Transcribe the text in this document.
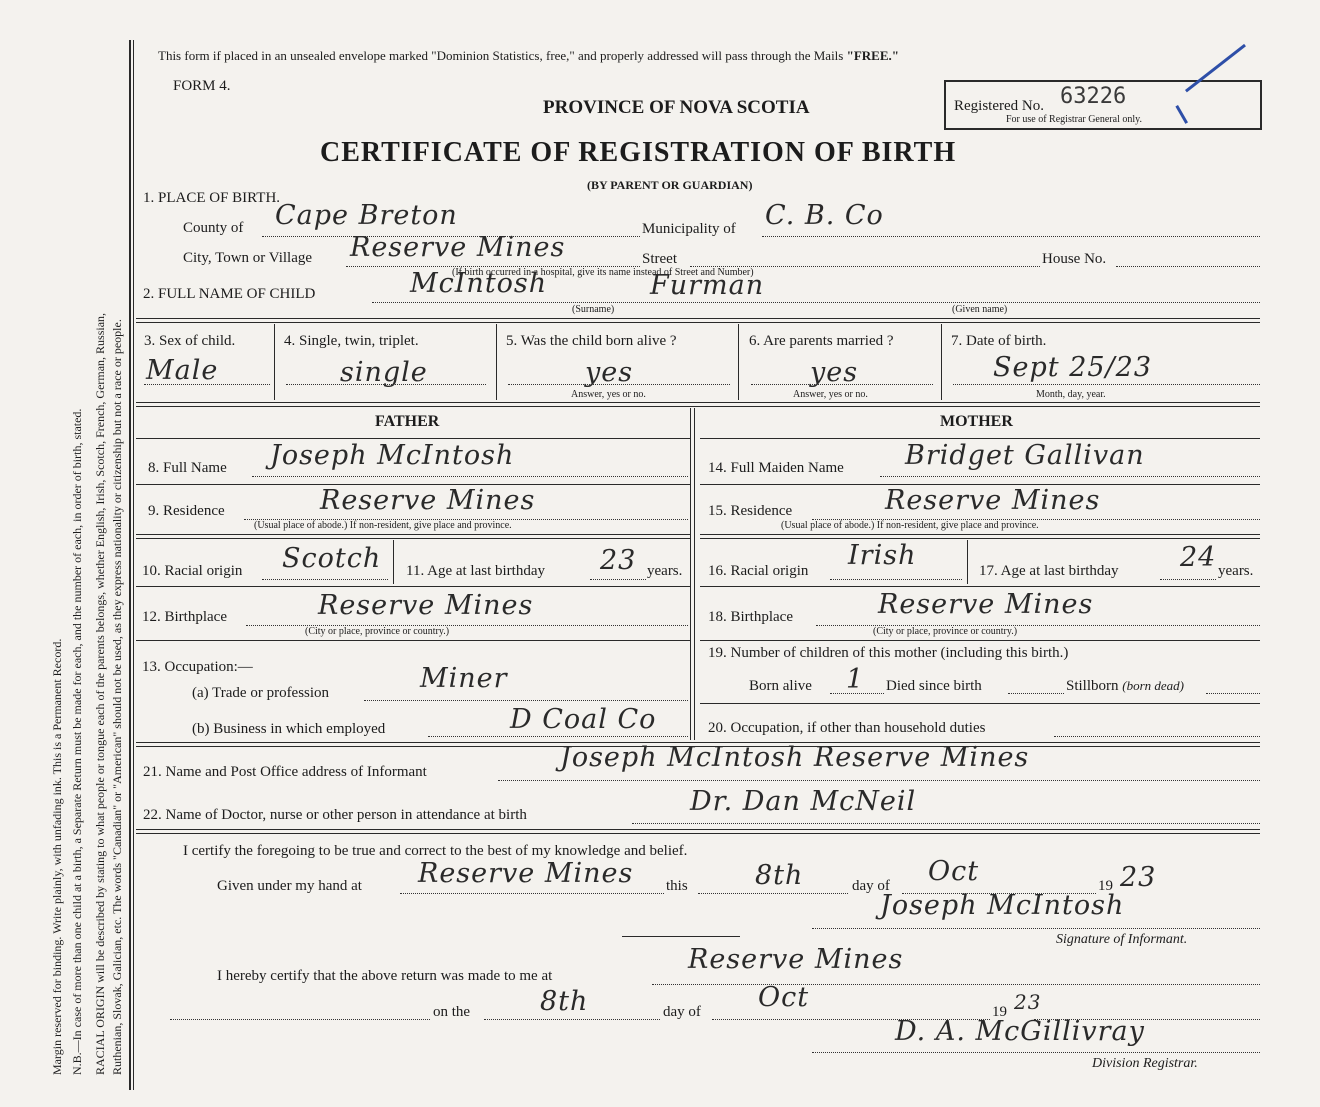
Margin reserved for binding. Write plainly, with unfading ink. This is a Permanent Record. N.B.—In case of more than one child at a birth, a Separate Return must be made for each, and the number of each, in order of birth, stated. RACIAL ORIGIN will be described by stating to what people or tongue each of the parents belongs, whether English, Irish, Scotch, French, German, Russian, Ruthenian, Slovak, Galician, etc. The words "Canadian" or "American" should not be used, as they express nationality or citizenship but not a race or people.
This form if placed in an unsealed envelope marked "Dominion Statistics, free," and properly addressed will pass through the Mails "FREE."
FORM 4.
PROVINCE OF NOVA SCOTIA
CERTIFICATE OF REGISTRATION OF BIRTH
(BY PARENT OR GUARDIAN)
Registered No. 63226
For use of Registrar General only.
1. PLACE OF BIRTH.
County of Cape Breton	Municipality of C. B. Co
City, Town or Village Reserve Mines	Street	House No.
(If birth occurred in a hospital, give its name instead of Street and Number)
2. FULL NAME OF CHILD	McIntosh	Furman
(Surname)	(Given name)
3. Sex of child.
Male
4. Single, twin, triplet.
single
5. Was the child born alive ?
yes
Answer, yes or no.
6. Are parents married ?
yes
Answer, yes or no.
7. Date of birth.
Sept 25/23
Month, day, year.
FATHER	MOTHER
8. Full Name Joseph McIntosh	14. Full Maiden Name Bridget Gallivan
9. Residence	Reserve Mines
(Usual place of abode.) If non-resident, give place and province.
15. Residence	Reserve Mines
(Usual place of abode.) If non-resident, give place and province.
10. Racial origin Scotch 11. Age at last birthday 23 years. 16. Racial origin Irish	17. Age at last birthday 24 years.
12. Birthplace	Reserve Mines
(City or place, province or country.)
18. Birthplace	Reserve Mines
(City or place, province or country.)
13. Occupation:—
(a) Trade or profession	Miner
(b) Business in which employed	D Coal Co
19. Number of children of this mother (including this birth.)
Born alive 1 Died since birth	Stillborn (born dead)
20. Occupation, if other than household duties
21. Name and Post Office address of Informant	Joseph McIntosh Reserve Mines
22. Name of Doctor, nurse or other person in attendance at birth	Dr. Dan McNeil
I certify the foregoing to be true and correct to the best of my knowledge and belief.
Given under my hand at Reserve Mines this 8th	day of Oct	19 23
Joseph McIntosh
Signature of Informant.
I hereby certify that the above return was made to me at
Reserve Mines
on the	8th	day of Oct	19 23
D. A. McGillivray
Division Registrar.
